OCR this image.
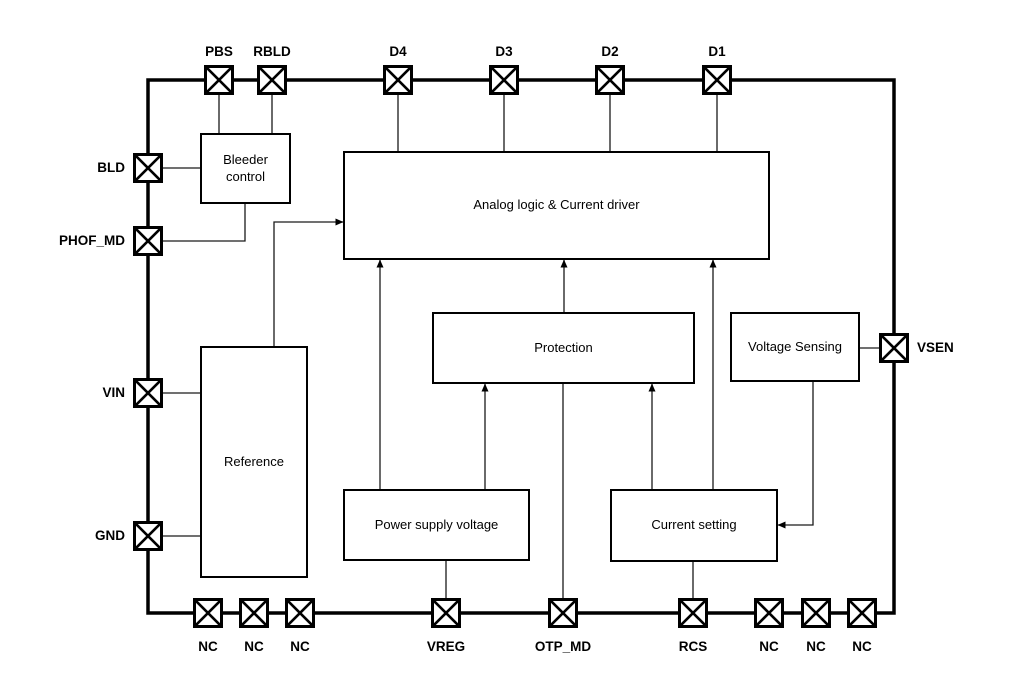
Bleeder control
Analog logic & Current driver
Protection	Voltage Sensing
Reference
Power supply voltage	Current setting
PBS	RBLD	D4	D3	D2	D1
BLD
PHOF_MD
VIN
GND
VSEN
NC	NC	NC	VREG	OTP_MD	RCS	NC	NC	NC
